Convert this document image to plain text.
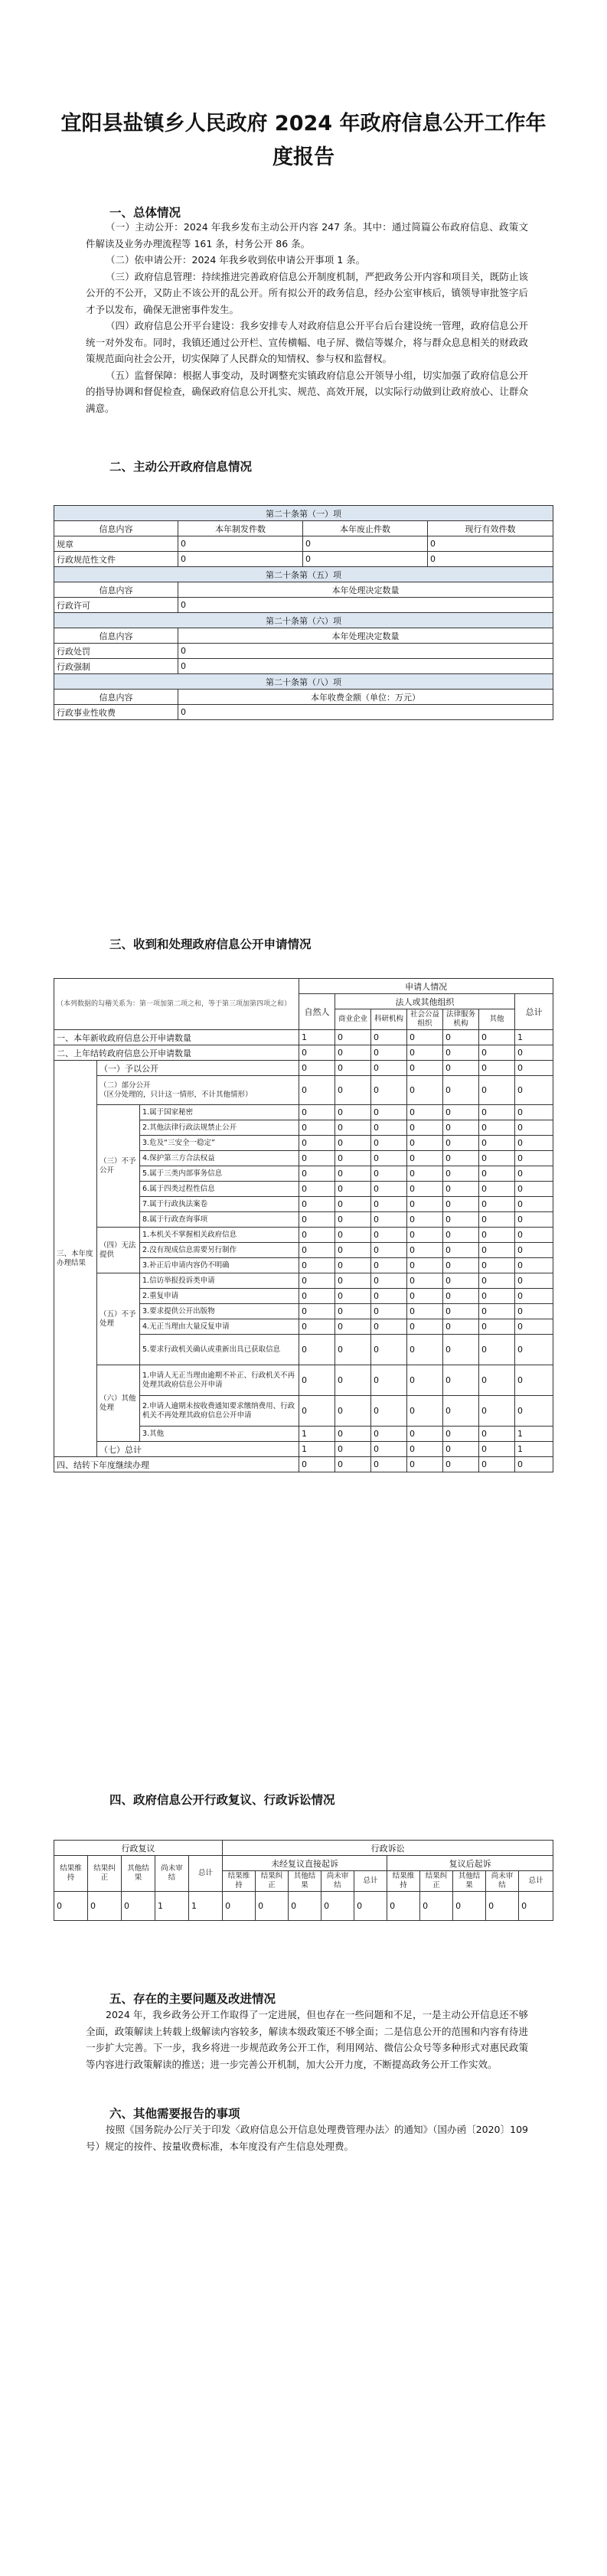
宜阳县盐镇乡人民政府 2024 年政府信息公开工作年度报告
一、总体情况

（一）主动公开：2024 年我乡发布主动公开内容 247 条。其中：通过简篇公布政府信息、政策文件解读及业务办理流程等 161 条，村务公开 86 条。

（二）依申请公开：2024 年我乡收到依申请公开事项 1 条。

（三）政府信息管理：持续推进完善政府信息公开制度机制，严把政务公开内容和项目关，既防止该公开的不公开，又防止不该公开的乱公开。所有拟公开的政务信息，经办公室审核后，镇领导审批签字后才予以发布，确保无泄密事件发生。

（四）政府信息公开平台建设：我乡安排专人对政府信息公开平台后台建设统一管理，政府信息公开统一对外发布。同时，我镇还通过公开栏、宣传横幅、电子屏、微信等媒介，将与群众息息相关的财政政策规范面向社会公开，切实保障了人民群众的知情权、参与权和监督权。

（五）监督保障：根据人事变动，及时调整充实镇政府信息公开领导小组，切实加强了政府信息公开的指导协调和督促检查，确保政府信息公开扎实、规范、高效开展，以实际行动做到让政府放心、让群众满意。

二、主动公开政府信息情况
第二十条第（一）项			
信息内容	本年制发件数	本年废止件数	现行有效件数
规章	0	0	0
行政规范性文件	0	0	0
第二十条第（五）项			
信息内容	本年处理决定数量		
行政许可	0		
第二十条第（六）项			
信息内容	本年处理决定数量		
行政处罚	0		
行政强制	0		
第二十条第（八）项			
信息内容	本年收费金额（单位：万元）		
行政事业性收费	0		
三、收到和处理政府信息公开申请情况
（本列数据的勾稽关系为：第一项加第二项之和，等于第三项加第四项之和）			申请人情况						
			自然人	法人或其他组织					总计
				商业企业	科研机构	社会公益组织	法律服务机构	其他	
一、本年新收政府信息公开申请数量			1	0	0	0	0	0	1
二、上年结转政府信息公开申请数量			0	0	0	0	0	0	0
三、本年度办理结果	（一）予以公开		0	0	0	0	0	0	0

	（二）部分公开
（区分处理的，只计这一情形，不计其他情形）		0	0	0	0	0	0	0
	（三）不予公开	1.属于国家秘密	0	0	0	0	0	0	0
		2.其他法律行政法规禁止公开	0	0	0	0	0	0	0
		3.危及“三安全一稳定”	0	0	0	0	0	0	0
		4.保护第三方合法权益	0	0	0	0	0	0	0
		5.属于三类内部事务信息	0	0	0	0	0	0	0
		6.属于四类过程性信息	0	0	0	0	0	0	0
		7.属于行政执法案卷	0	0	0	0	0	0	0
		8.属于行政查询事项	0	0	0	0	0	0	0
	（四）无法提供	1.本机关不掌握相关政府信息	0	0	0	0	0	0	0
		2.没有现成信息需要另行制作	0	0	0	0	0	0	0
		3.补正后申请内容仍不明确	0	0	0	0	0	0	0
	（五）不予处理	1.信访举报投诉类申请	0	0	0	0	0	0	0
		2.重复申请	0	0	0	0	0	0	0
		3.要求提供公开出版物	0	0	0	0	0	0	0
		4.无正当理由大量反复申请	0	0	0	0	0	0	0
		5.要求行政机关确认或重新出具已获取信息	0	0	0	0	0	0	0
	（六）其他处理	1.申请人无正当理由逾期不补正、行政机关不再处理其政府信息公开申请	0	0	0	0	0	0	0
		2.申请人逾期未按收费通知要求缴纳费用、行政机关不再处理其政府信息公开申请	0	0	0	0	0	0	0
		3.其他	1	0	0	0	0	0	1
	（七）总计		1	0	0	0	0	0	1
四、结转下年度继续办理			0	0	0	0	0	0	0
四、政府信息公开行政复议、行政诉讼情况
行政复议					行政诉讼									
结果维持	结果纠正	其他结果	尚未审结	总计	未经复议直接起诉					复议后起诉				
					结果维持	结果纠正	其他结果	尚未审结	总计	结果维持	结果纠正	其他结果	尚未审结	总计
0	0	0	1	1	0	0	0	0	0	0	0	0	0	0
五、存在的主要问题及改进情况

2024 年，我乡政务公开工作取得了一定进展，但也存在一些问题和不足，一是主动公开信息还不够全面，政策解读上转载上级解读内容较多，解读本级政策还不够全面；二是信息公开的范围和内容有待进一步扩大完善。下一步，我乡将进一步规范政务公开工作，利用网站、微信公众号等多种形式对惠民政策等内容进行政策解读的推送；进一步完善公开机制，加大公开力度，不断提高政务公开工作实效。

六、其他需要报告的事项

按照《国务院办公厅关于印发〈政府信息公开信息处理费管理办法〉的通知》（国办函〔2020〕109 号）规定的按件、按量收费标准，本年度没有产生信息处理费。
